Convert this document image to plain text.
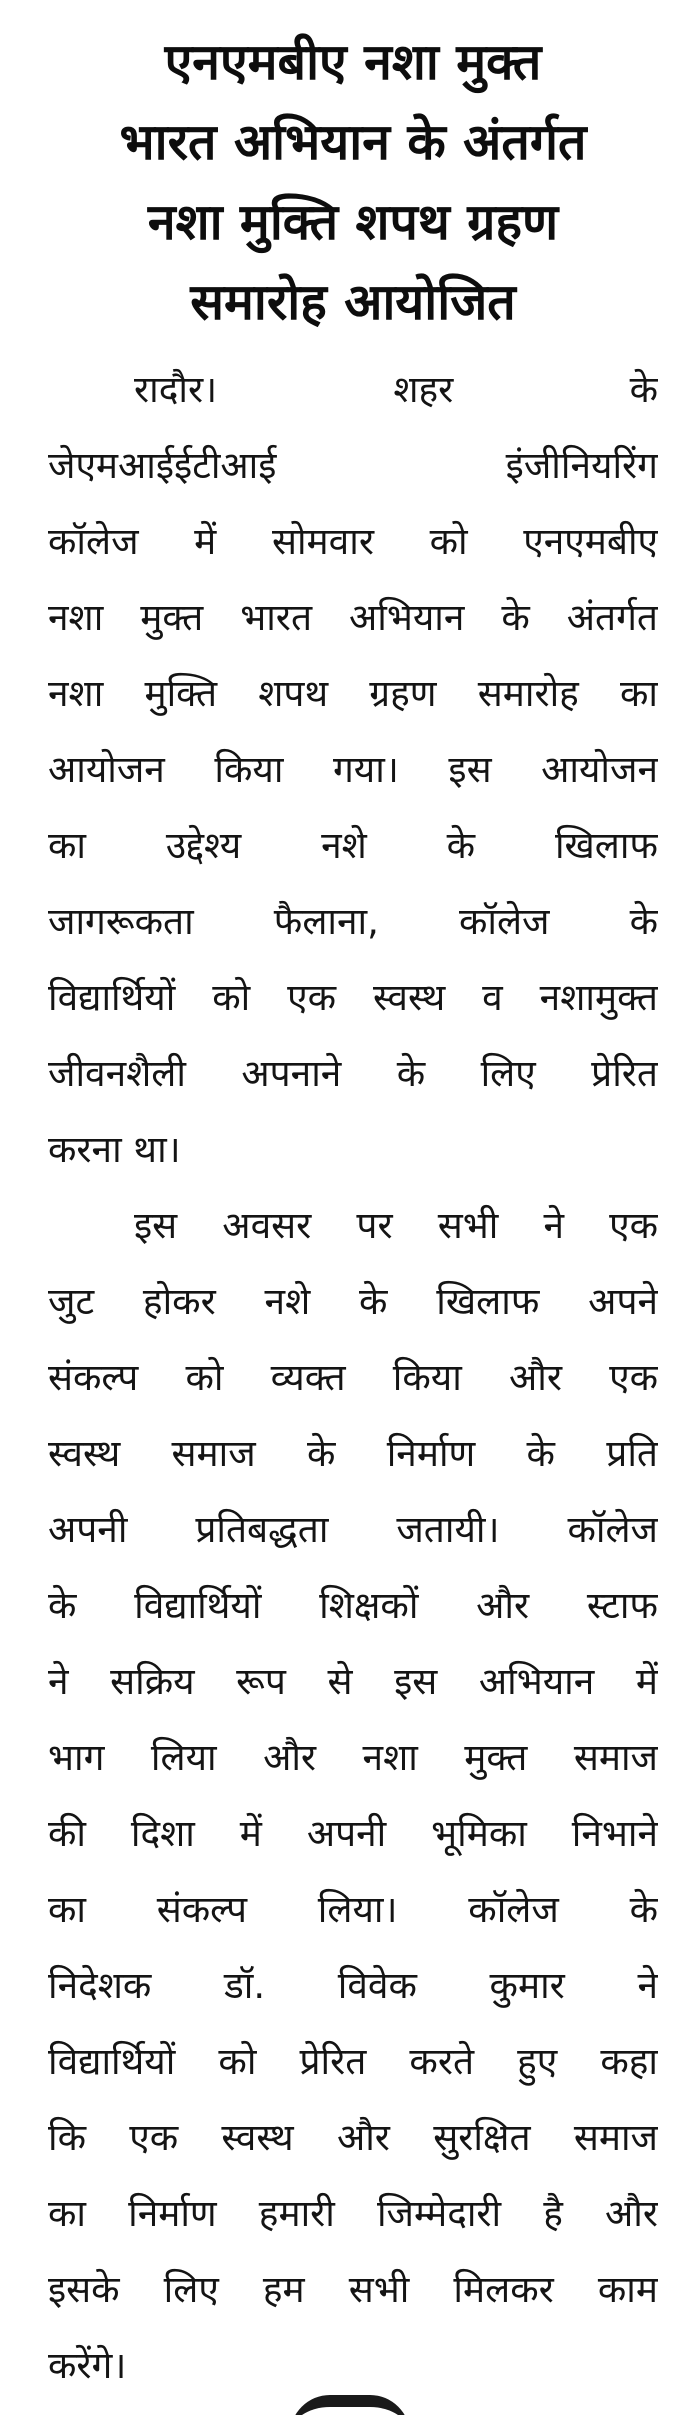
एनएमबीए नशा मुक्त
भारत अभियान के अंतर्गत
नशा मुक्ति शपथ ग्रहण
समारोह आयोजित

रादौर। शहर के
जेएमआईईटीआई इंजीनियरिंग
कॉलेज में सोमवार को एनएमबीए
नशा मुक्त भारत अभियान के अंतर्गत
नशा मुक्ति शपथ ग्रहण समारोह का
आयोजन किया गया। इस आयोजन
का उद्देश्य नशे के खिलाफ
जागरूकता फैलाना, कॉलेज के
विद्यार्थियों को एक स्वस्थ व नशामुक्त
जीवनशैली अपनाने के लिए प्रेरित
करना था।

इस अवसर पर सभी ने एक
जुट होकर नशे के खिलाफ अपने
संकल्प को व्यक्त किया और एक
स्वस्थ समाज के निर्माण के प्रति
अपनी प्रतिबद्धता जतायी। कॉलेज
के विद्यार्थियों शिक्षकों और स्टाफ
ने सक्रिय रूप से इस अभियान में
भाग लिया और नशा मुक्त समाज
की दिशा में अपनी भूमिका निभाने
का संकल्प लिया। कॉलेज के
निदेशक डॉ. विवेक कुमार ने
विद्यार्थियों को प्रेरित करते हुए कहा
कि एक स्वस्थ और सुरक्षित समाज
का निर्माण हमारी जिम्मेदारी है और
इसके लिए हम सभी मिलकर काम
करेंगे।
